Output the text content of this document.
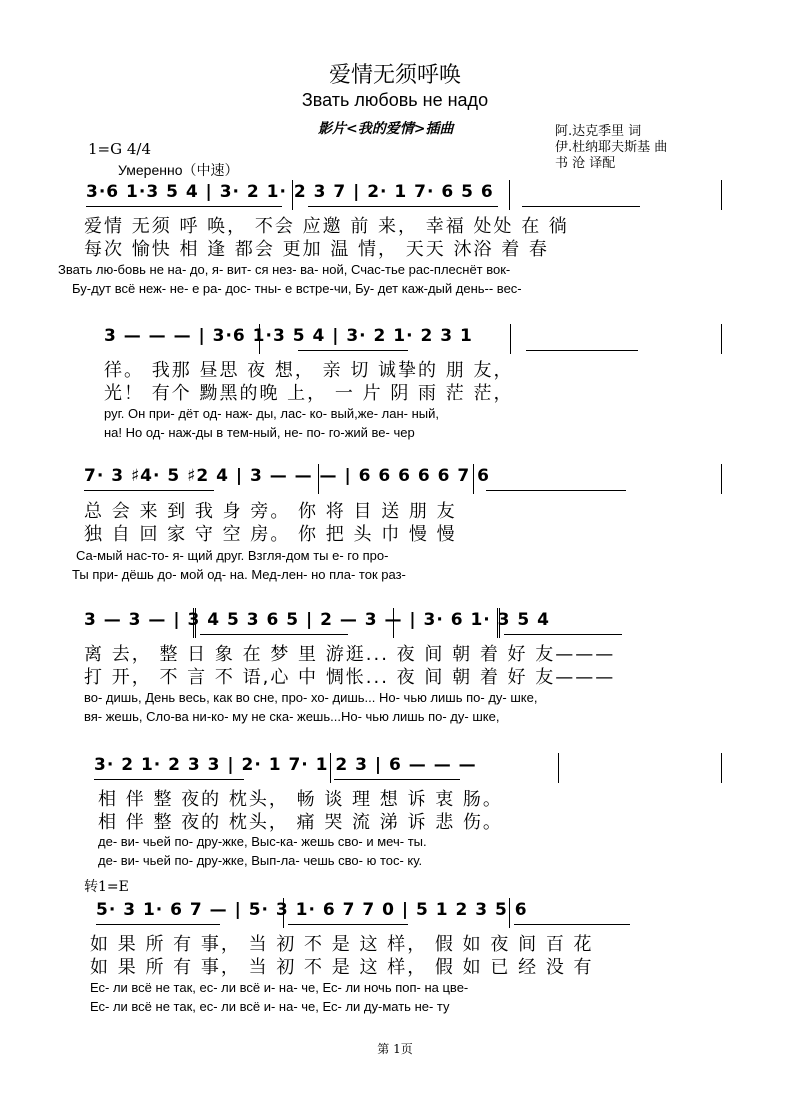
爱情无须呼唤
Звать любовь не надо
影片<我的爱情>插曲	阿.达克季里 词
伊.杜纳耶夫斯基 曲
书 沧 译配
1=G 4/4
Умеренно（中速）
3·6 1·3 5 4 | 3· 2 1· 2 3 7 | 2· 1 7· 6 5 6
爱情 无须 呼 唤， 不会 应邀 前 来， 幸福 处处 在 徜
每次 愉快 相 逢 都会 更加 温 情， 天天 沐浴 着 春
Звать лю-бовь не на- до, я- вит- ся нез- ва- ной, Счас-тье рас-плеснёт вок-
Бу-дут всё неж- не- е ра- дос- тны- е встре-чи, Бу- дет каж-дый день-- вес-
3 — — — | 3·6 1·3 5 4 | 3· 2 1· 2 3 1
徉。 我那 昼思 夜 想， 亲 切 诚挚的 朋 友，
光！ 有个 黝黑的晚 上， 一 片 阴 雨 茫 茫，
руг. Он при- дёт од- наж- ды, лас- ко- вый,же- лан- ный,
на! Но од- наж-ды в тем-ный, не- по- го-жий ве- чер
7· 3 ♯4· 5 ♯2 4 | 3 — — — | 6 6 6 6 6 7 6
总 会 来 到 我 身 旁。 你 将 目 送 朋 友
独 自 回 家 守 空 房。 你 把 头 巾 慢 慢
Са-мый нас-то- я- щий друг. Взгля-дом ты е- го про-
Ты при- дёшь до- мой од- на. Мед-лен- но пла- ток раз-
3 — 3 — | 3 4 5 3 6 5 | 2 — 3 — | 3· 6 1· 3 5 4
离 去， 整 日 象 在 梦 里 游逛... 夜 间 朝 着 好 友———
打 开， 不 言 不 语,心 中 惆怅... 夜 间 朝 着 好 友———
во- дишь, День весь, как во сне, про- хо- дишь... Но- чью лишь по- ду- шке,
вя- жешь, Сло-ва ни-ко- му не ска- жешь...Но- чью лишь по- ду- шке,
3· 2 1· 2 3 3 | 2· 1 7· 1 2 3 | 6 — — —
相 伴 整 夜的 枕头， 畅 谈 理 想 诉 衷 肠。
相 伴 整 夜的 枕头， 痛 哭 流 涕 诉 悲 伤。
де- ви- чьей по- дру-жке, Выс-ка- жешь сво- и меч- ты.
де- ви- чьей по- дру-жке, Вып-ла- чешь сво- ю тос- ку.
转1=E
5· 3 1· 6 7 — | 5· 3 1· 6 7 7 0 | 5 1 2 3 5 6
如 果 所 有 事， 当 初 不 是 这 样， 假 如 夜 间 百 花
如 果 所 有 事， 当 初 不 是 这 样， 假 如 已 经 没 有
Ес- ли всё не так, ес- ли всё и- на- че, Ес- ли ночь поп- на цве-
Ес- ли всё не так, ес- ли всё и- на- че, Ес- ли ду-мать не- ту
第 1页
